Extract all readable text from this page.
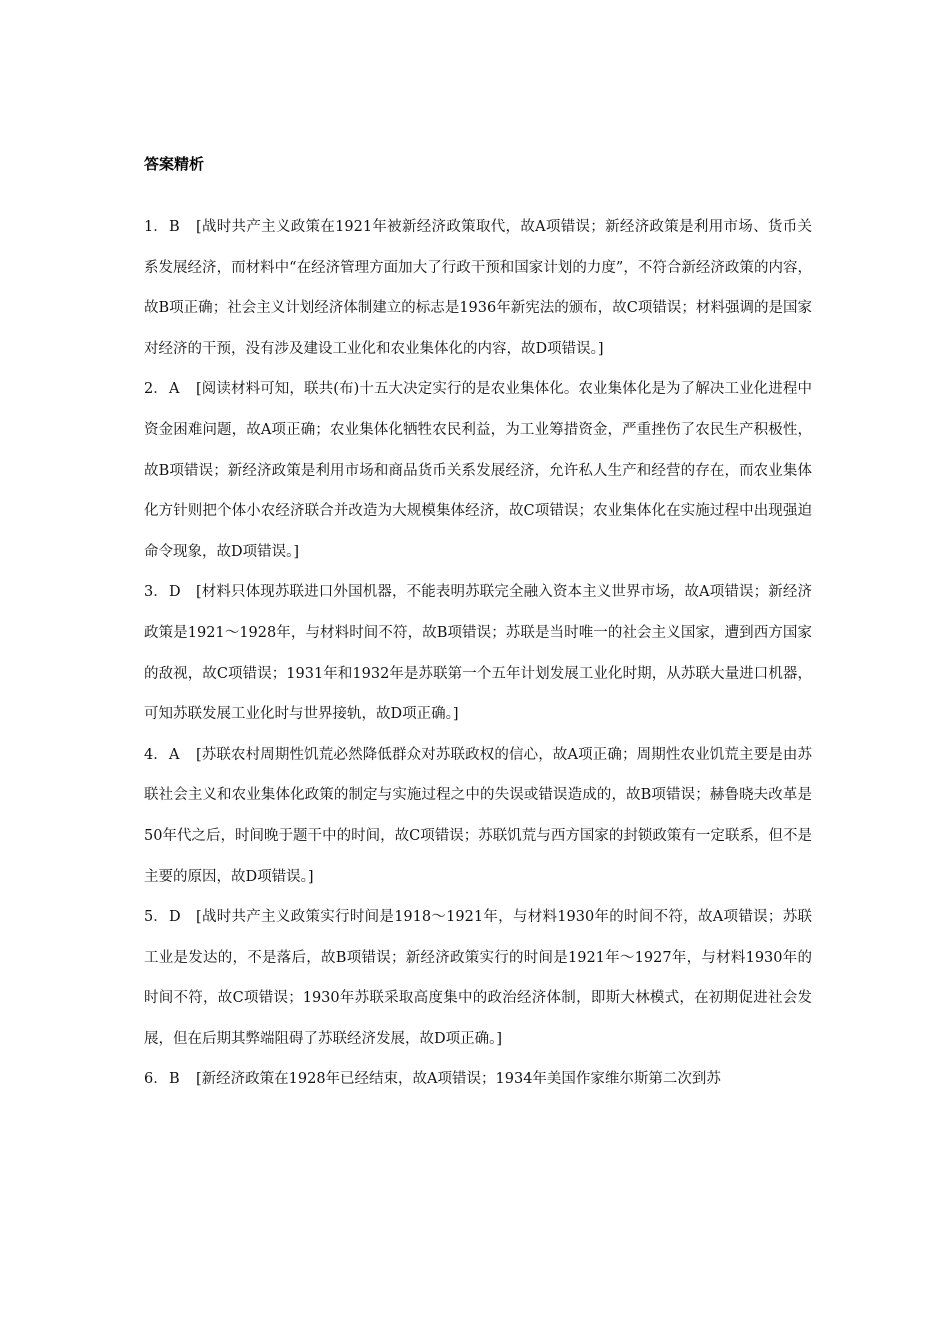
答案精析

1．B [战时共产主义政策在1921年被新经济政策取代，故A项错误；新经济政策是利用市场、货币关系发展经济，而材料中“在经济管理方面加大了行政干预和国家计划的力度”，不符合新经济政策的内容，故B项正确；社会主义计划经济体制建立的标志是1936年新宪法的颁布，故C项错误；材料强调的是国家对经济的干预，没有涉及建设工业化和农业集体化的内容，故D项错误。]

2．A [阅读材料可知，联共(布)十五大决定实行的是农业集体化。农业集体化是为了解决工业化进程中资金困难问题，故A项正确；农业集体化牺牲农民利益，为工业筹措资金，严重挫伤了农民生产积极性，故B项错误；新经济政策是利用市场和商品货币关系发展经济，允许私人生产和经营的存在，而农业集体化方针则把个体小农经济联合并改造为大规模集体经济，故C项错误；农业集体化在实施过程中出现强迫命令现象，故D项错误。]

3．D [材料只体现苏联进口外国机器，不能表明苏联完全融入资本主义世界市场，故A项错误；新经济政策是1921～1928年，与材料时间不符，故B项错误；苏联是当时唯一的社会主义国家，遭到西方国家的敌视，故C项错误；1931年和1932年是苏联第一个五年计划发展工业化时期，从苏联大量进口机器，可知苏联发展工业化时与世界接轨，故D项正确。]

4．A [苏联农村周期性饥荒必然降低群众对苏联政权的信心，故A项正确；周期性农业饥荒主要是由苏联社会主义和农业集体化政策的制定与实施过程之中的失误或错误造成的，故B项错误；赫鲁晓夫改革是50年代之后，时间晚于题干中的时间，故C项错误；苏联饥荒与西方国家的封锁政策有一定联系，但不是主要的原因，故D项错误。]

5．D [战时共产主义政策实行时间是1918～1921年，与材料1930年的时间不符，故A项错误；苏联工业是发达的，不是落后，故B项错误；新经济政策实行的时间是1921年～1927年，与材料1930年的时间不符，故C项错误；1930年苏联采取高度集中的政治经济体制，即斯大林模式，在初期促进社会发展，但在后期其弊端阻碍了苏联经济发展，故D项正确。]

6．B [新经济政策在1928年已经结束，故A项错误；1934年美国作家维尔斯第二次到苏
